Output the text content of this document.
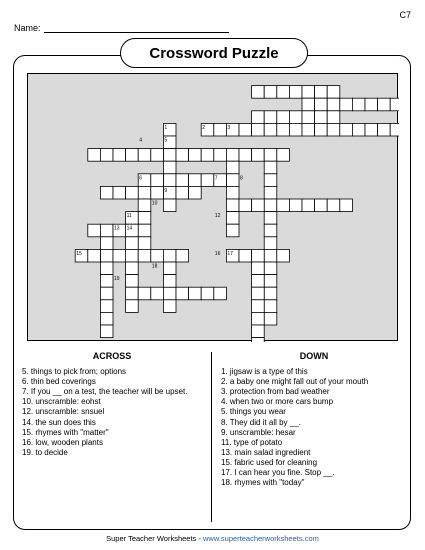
C7
Name:
Crossword Puzzle
1	2	3
4	5
6	7	8
9
10
11	12
13 14
15	16 17
18
19
ACROSS
5. things to pick from; options
6. thin bed coverings
7. If you __ on a test, the teacher will be upset.
10. unscramble: eohst
12. unscramble: snsuel
14. the sun does this
15. rhymes with "matter"
16. low, wooden plants
19. to decide
DOWN
1. jigsaw is a type of this
2. a baby one might fall out of your mouth
3. protection from bad weather
4. when two or more cars bump
5. things you wear
8. They did it all by __.
9. unscramble: hesar
11. type of potato
13. main salad ingredient
15. fabric used for cleaning
17. I can hear you fine. Stop __.
18. rhymes with "today"
Super Teacher Worksheets - www.superteacherworksheets.com
